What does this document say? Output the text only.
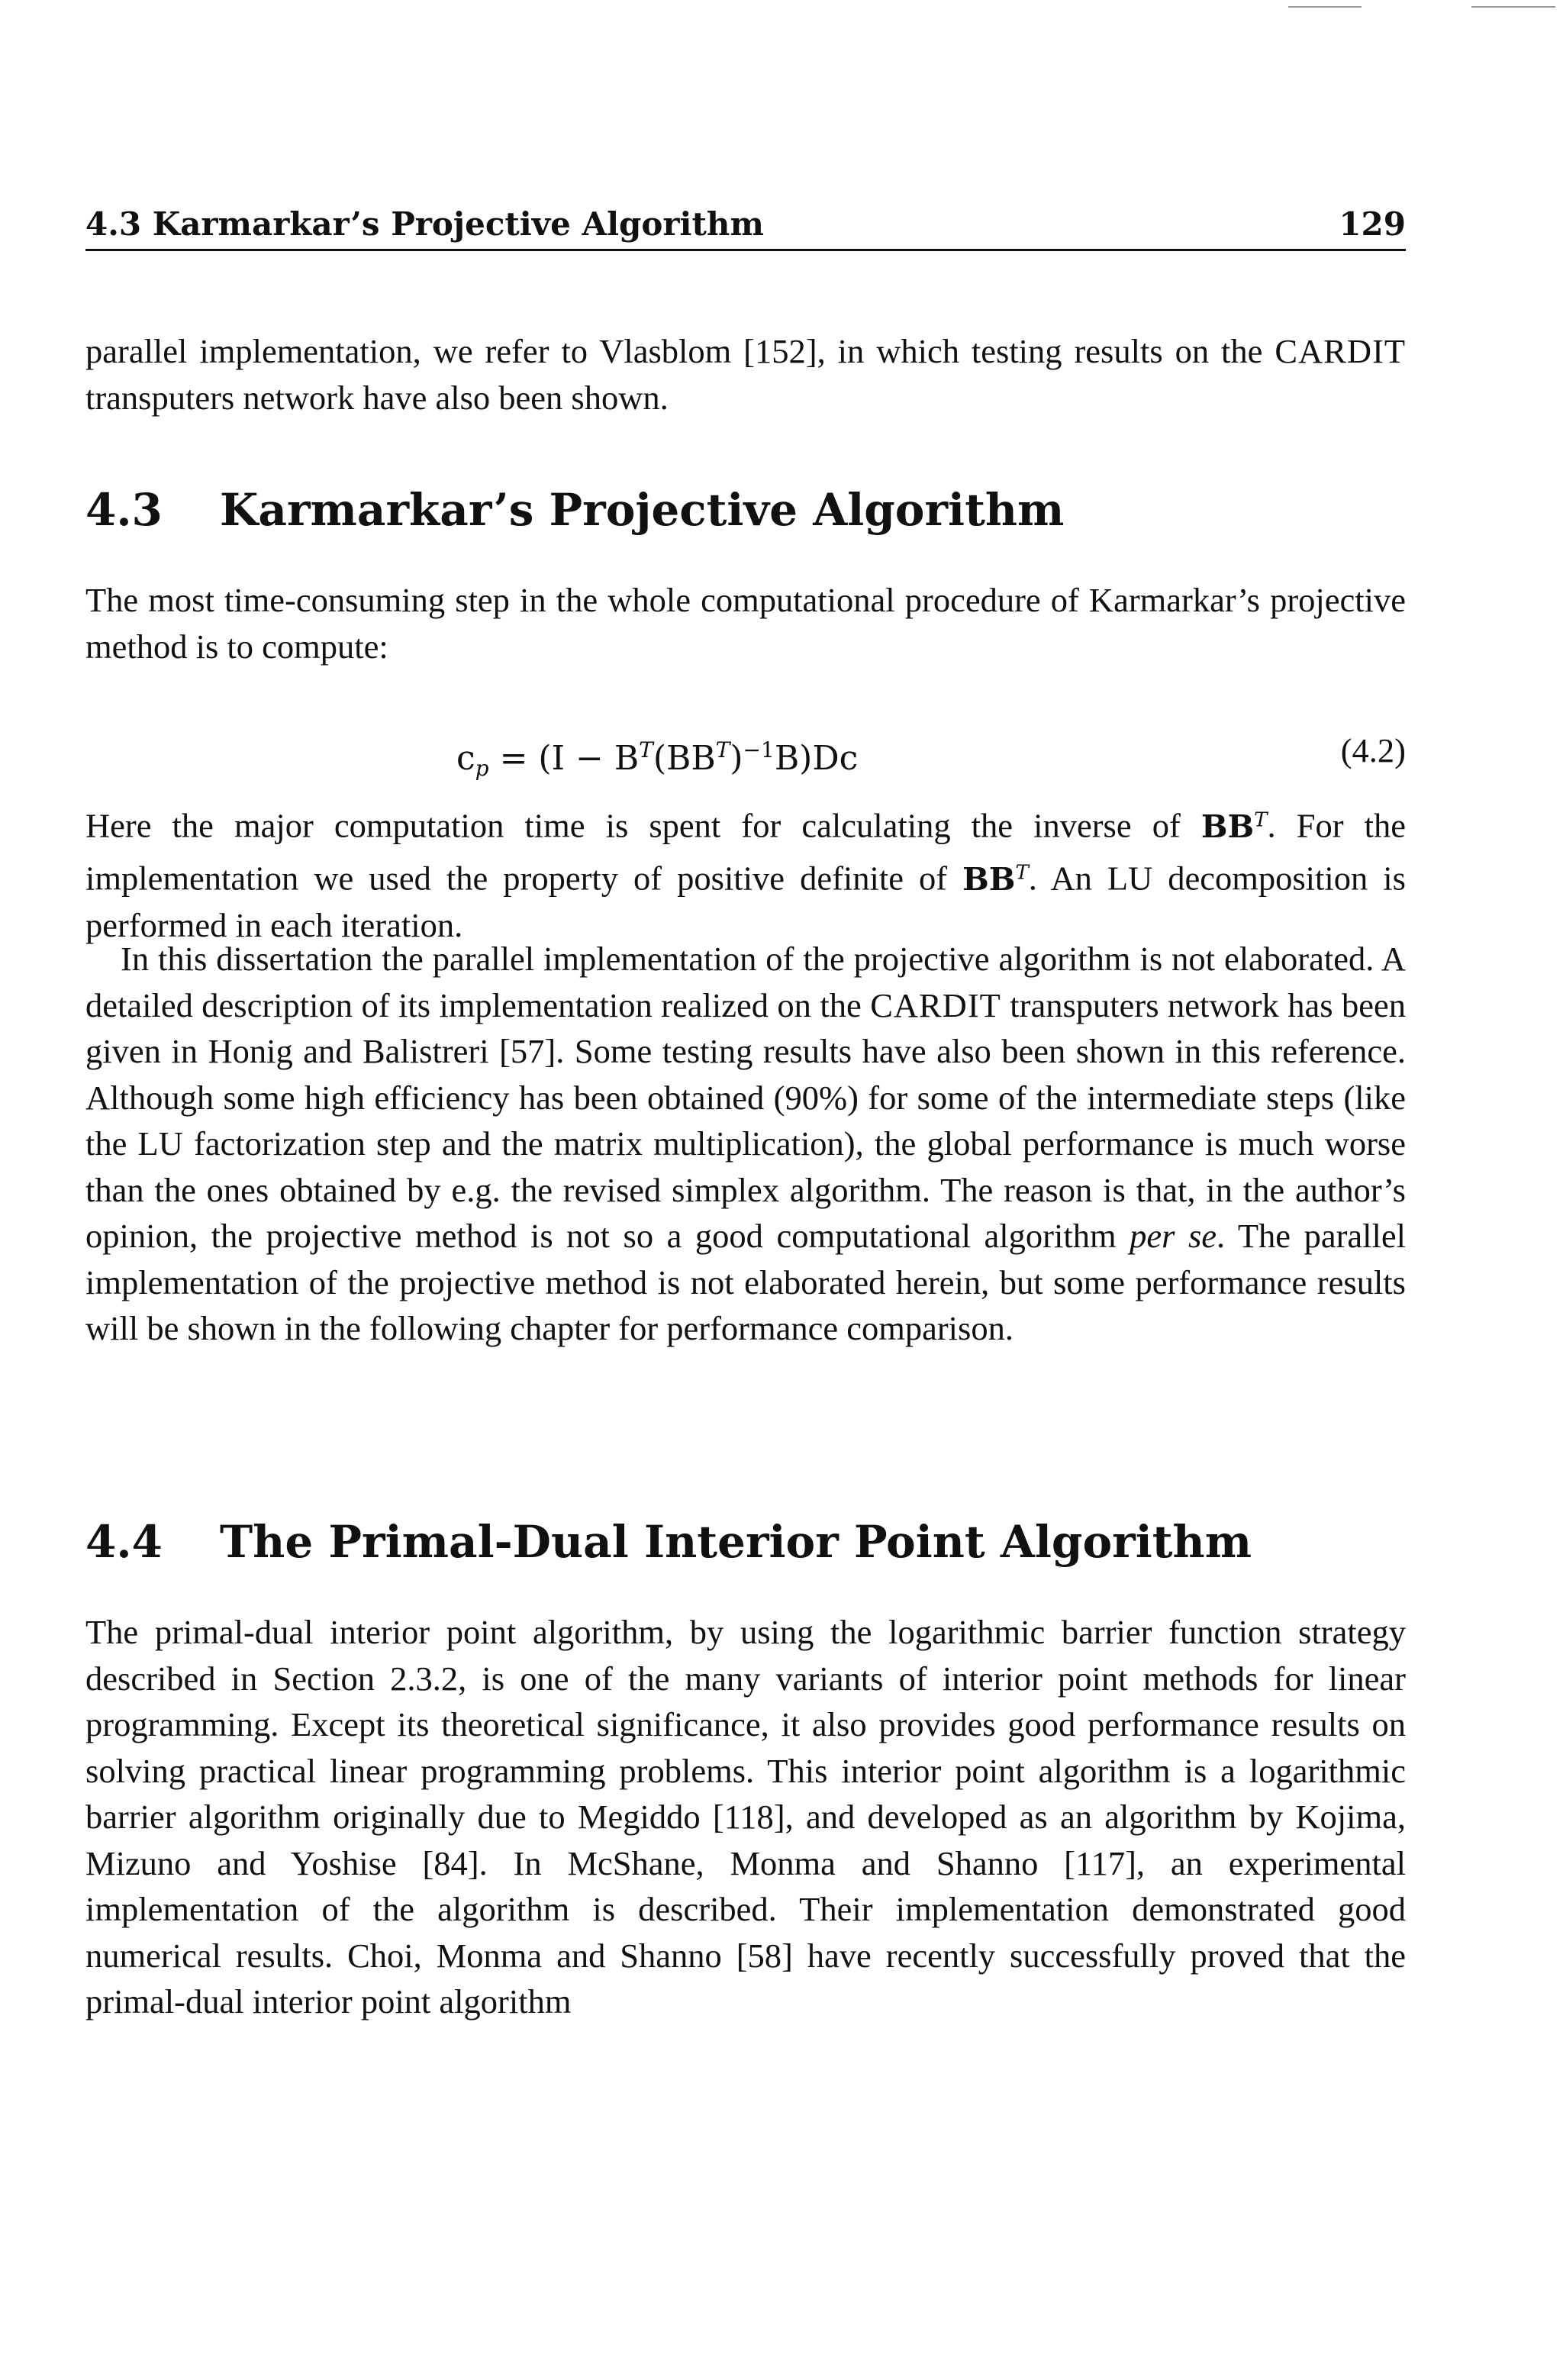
4.3 Karmarkar’s Projective Algorithm	129

parallel implementation, we refer to Vlasblom [152], in which testing results on the CARDIT transputers network have also been shown.

4.3 Karmarkar’s Projective Algorithm

The most time-consuming step in the whole computational procedure of Karmarkar’s projective method is to compute:

$c_p = (I - B^T(BB^T)^{-1}B)Dc$	(4.2)

Here the major computation time is spent for calculating the inverse of $BB^T$. For the implementation we used the property of positive definite of $BB^T$. An LU decomposition is performed in each iteration.

In this dissertation the parallel implementation of the projective algorithm is not elaborated. A detailed description of its implementation realized on the CARDIT transputers network has been given in Honig and Balistreri [57]. Some testing results have also been shown in this reference. Although some high efficiency has been obtained (90%) for some of the intermediate steps (like the LU factorization step and the matrix multiplication), the global performance is much worse than the ones obtained by e.g. the revised simplex algorithm. The reason is that, in the author’s opinion, the projective method is not so a good computational algorithm per se. The parallel implementation of the projective method is not elaborated herein, but some performance results will be shown in the following chapter for performance comparison.

4.4 The Primal-Dual Interior Point Algorithm

The primal-dual interior point algorithm, by using the logarithmic barrier function strategy described in Section 2.3.2, is one of the many variants of interior point methods for linear programming. Except its theoretical significance, it also provides good performance results on solving practical linear programming problems. This interior point algorithm is a logarithmic barrier algorithm originally due to Megiddo [118], and developed as an algorithm by Kojima, Mizuno and Yoshise [84]. In McShane, Monma and Shanno [117], an experimental implementation of the algorithm is described. Their implementation demonstrated good numerical results. Choi, Monma and Shanno [58] have recently successfully proved that the primal-dual interior point algorithm
